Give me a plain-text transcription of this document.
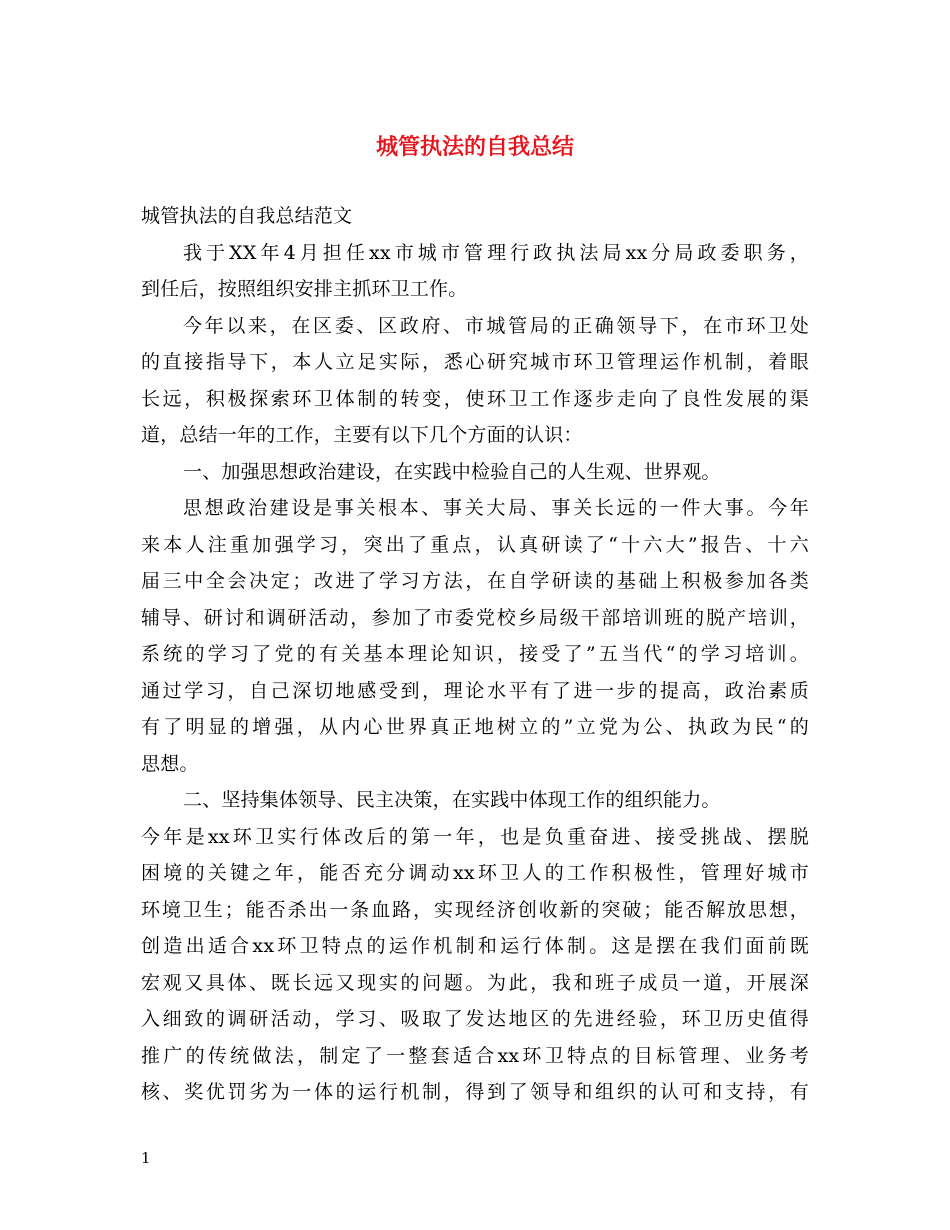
城管执法的自我总结
城管执法的自我总结范文
我于XX年4月担任xx市城市管理行政执法局xx分局政委职务，
到任后，按照组织安排主抓环卫工作。
今年以来，在区委、区政府、市城管局的正确领导下，在市环卫处
的直接指导下，本人立足实际，悉心研究城市环卫管理运作机制，着眼
长远，积极探索环卫体制的转变，使环卫工作逐步走向了良性发展的渠
道，总结一年的工作，主要有以下几个方面的认识：
一、加强思想政治建设，在实践中检验自己的人生观、世界观。
思想政治建设是事关根本、事关大局、事关长远的一件大事。今年
来本人注重加强学习，突出了重点，认真研读了“十六大”报告、十六
届三中全会决定；改进了学习方法，在自学研读的基础上积极参加各类
辅导、研讨和调研活动，参加了市委党校乡局级干部培训班的脱产培训，
系统的学习了党的有关基本理论知识，接受了”五当代“的学习培训。
通过学习，自己深切地感受到，理论水平有了进一步的提高，政治素质
有了明显的增强，从内心世界真正地树立的”立党为公、执政为民“的
思想。
二、坚持集体领导、民主决策，在实践中体现工作的组织能力。
今年是xx环卫实行体改后的第一年，也是负重奋进、接受挑战、摆脱
困境的关键之年，能否充分调动xx环卫人的工作积极性，管理好城市
环境卫生；能否杀出一条血路，实现经济创收新的突破；能否解放思想，
创造出适合xx环卫特点的运作机制和运行体制。这是摆在我们面前既
宏观又具体、既长远又现实的问题。为此，我和班子成员一道，开展深
入细致的调研活动，学习、吸取了发达地区的先进经验，环卫历史值得
推广的传统做法，制定了一整套适合xx环卫特点的目标管理、业务考
核、奖优罚劣为一体的运行机制，得到了领导和组织的认可和支持，有

1
